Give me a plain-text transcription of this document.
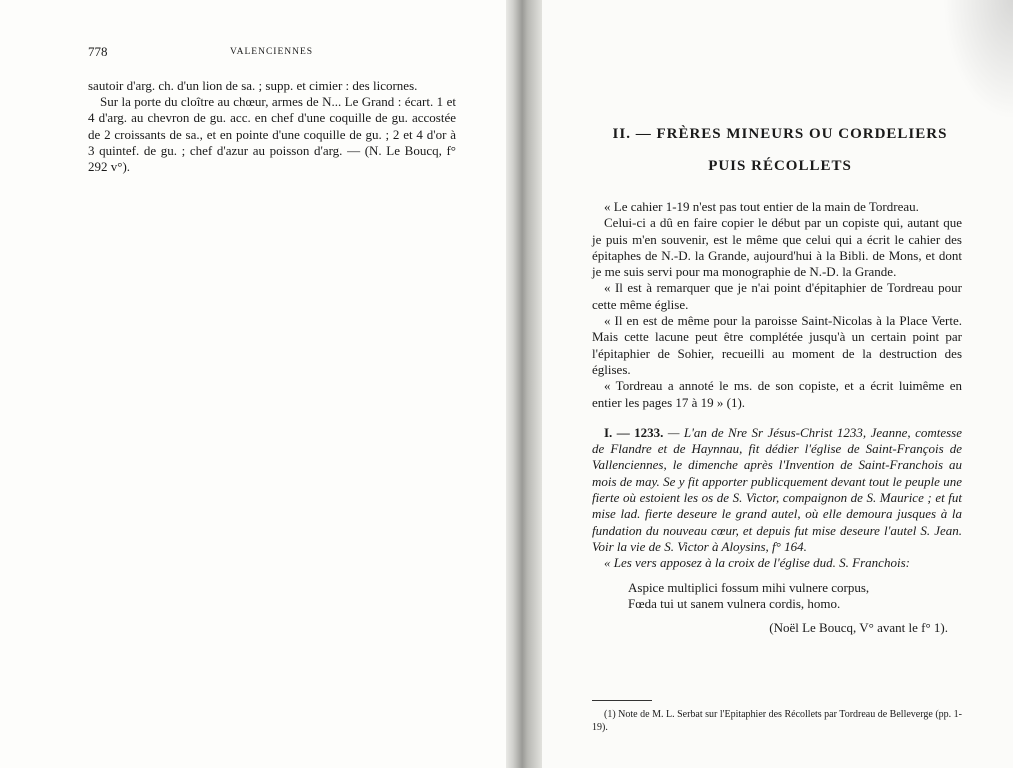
778	VALENCIENNES

sautoir d'arg. ch. d'un lion de sa. ; supp. et cimier : des licornes.

Sur la porte du cloître au chœur, armes de N... Le Grand : écart. 1 et 4 d'arg. au chevron de gu. acc. en chef d'une coquille de gu. accostée de 2 croissants de sa., et en pointe d'une coquille de gu. ; 2 et 4 d'or à 3 quintef. de gu. ; chef d'azur au poisson d'arg. — (N. Le Boucq, f° 292 v°).

II. — FRÈRES MINEURS OU CORDELIERS
PUIS RÉCOLLETS

« Le cahier 1-19 n'est pas tout entier de la main de Tordreau.

Celui-ci a dû en faire copier le début par un copiste qui, autant que je puis m'en souvenir, est le même que celui qui a écrit le cahier des épitaphes de N.-D. la Grande, aujourd'hui à la Bibli. de Mons, et dont je me suis servi pour ma monographie de N.-D. la Grande.

« Il est à remarquer que je n'ai point d'épitaphier de Tordreau pour cette même église.

« Il en est de même pour la paroisse Saint-Nicolas à la Place Verte. Mais cette lacune peut être complétée jusqu'à un certain point par l'épitaphier de Sohier, recueilli au moment de la destruction des églises.

« Tordreau a annoté le ms. de son copiste, et a écrit luimême en entier les pages 17 à 19 » (1).

I. — 1233. — L'an de Nre Sr Jésus-Christ 1233, Jeanne, comtesse de Flandre et de Haynnau, fit dédier l'église de Saint-François de Vallenciennes, le dimenche après l'Invention de Saint-Franchois au mois de may. Se y fit apporter publicquement devant tout le peuple une fierte où estoient les os de S. Victor, compaignon de S. Maurice ; et fut mise lad. fierte deseure le grand autel, où elle demoura jusques à la fundation du nouveau cœur, et depuis fut mise deseure l'autel S. Jean. Voir la vie de S. Victor à Aloysins, f° 164.

« Les vers apposez à la croix de l'église dud. S. Franchois:

Aspice multiplici fossum mihi vulnere corpus,
Fœda tui ut sanem vulnera cordis, homo.
(Noël Le Boucq, V° avant le f° 1).
(1) Note de M. L. Serbat sur l'Epitaphier des Récollets par Tordreau de Belleverge (pp. 1-19).
